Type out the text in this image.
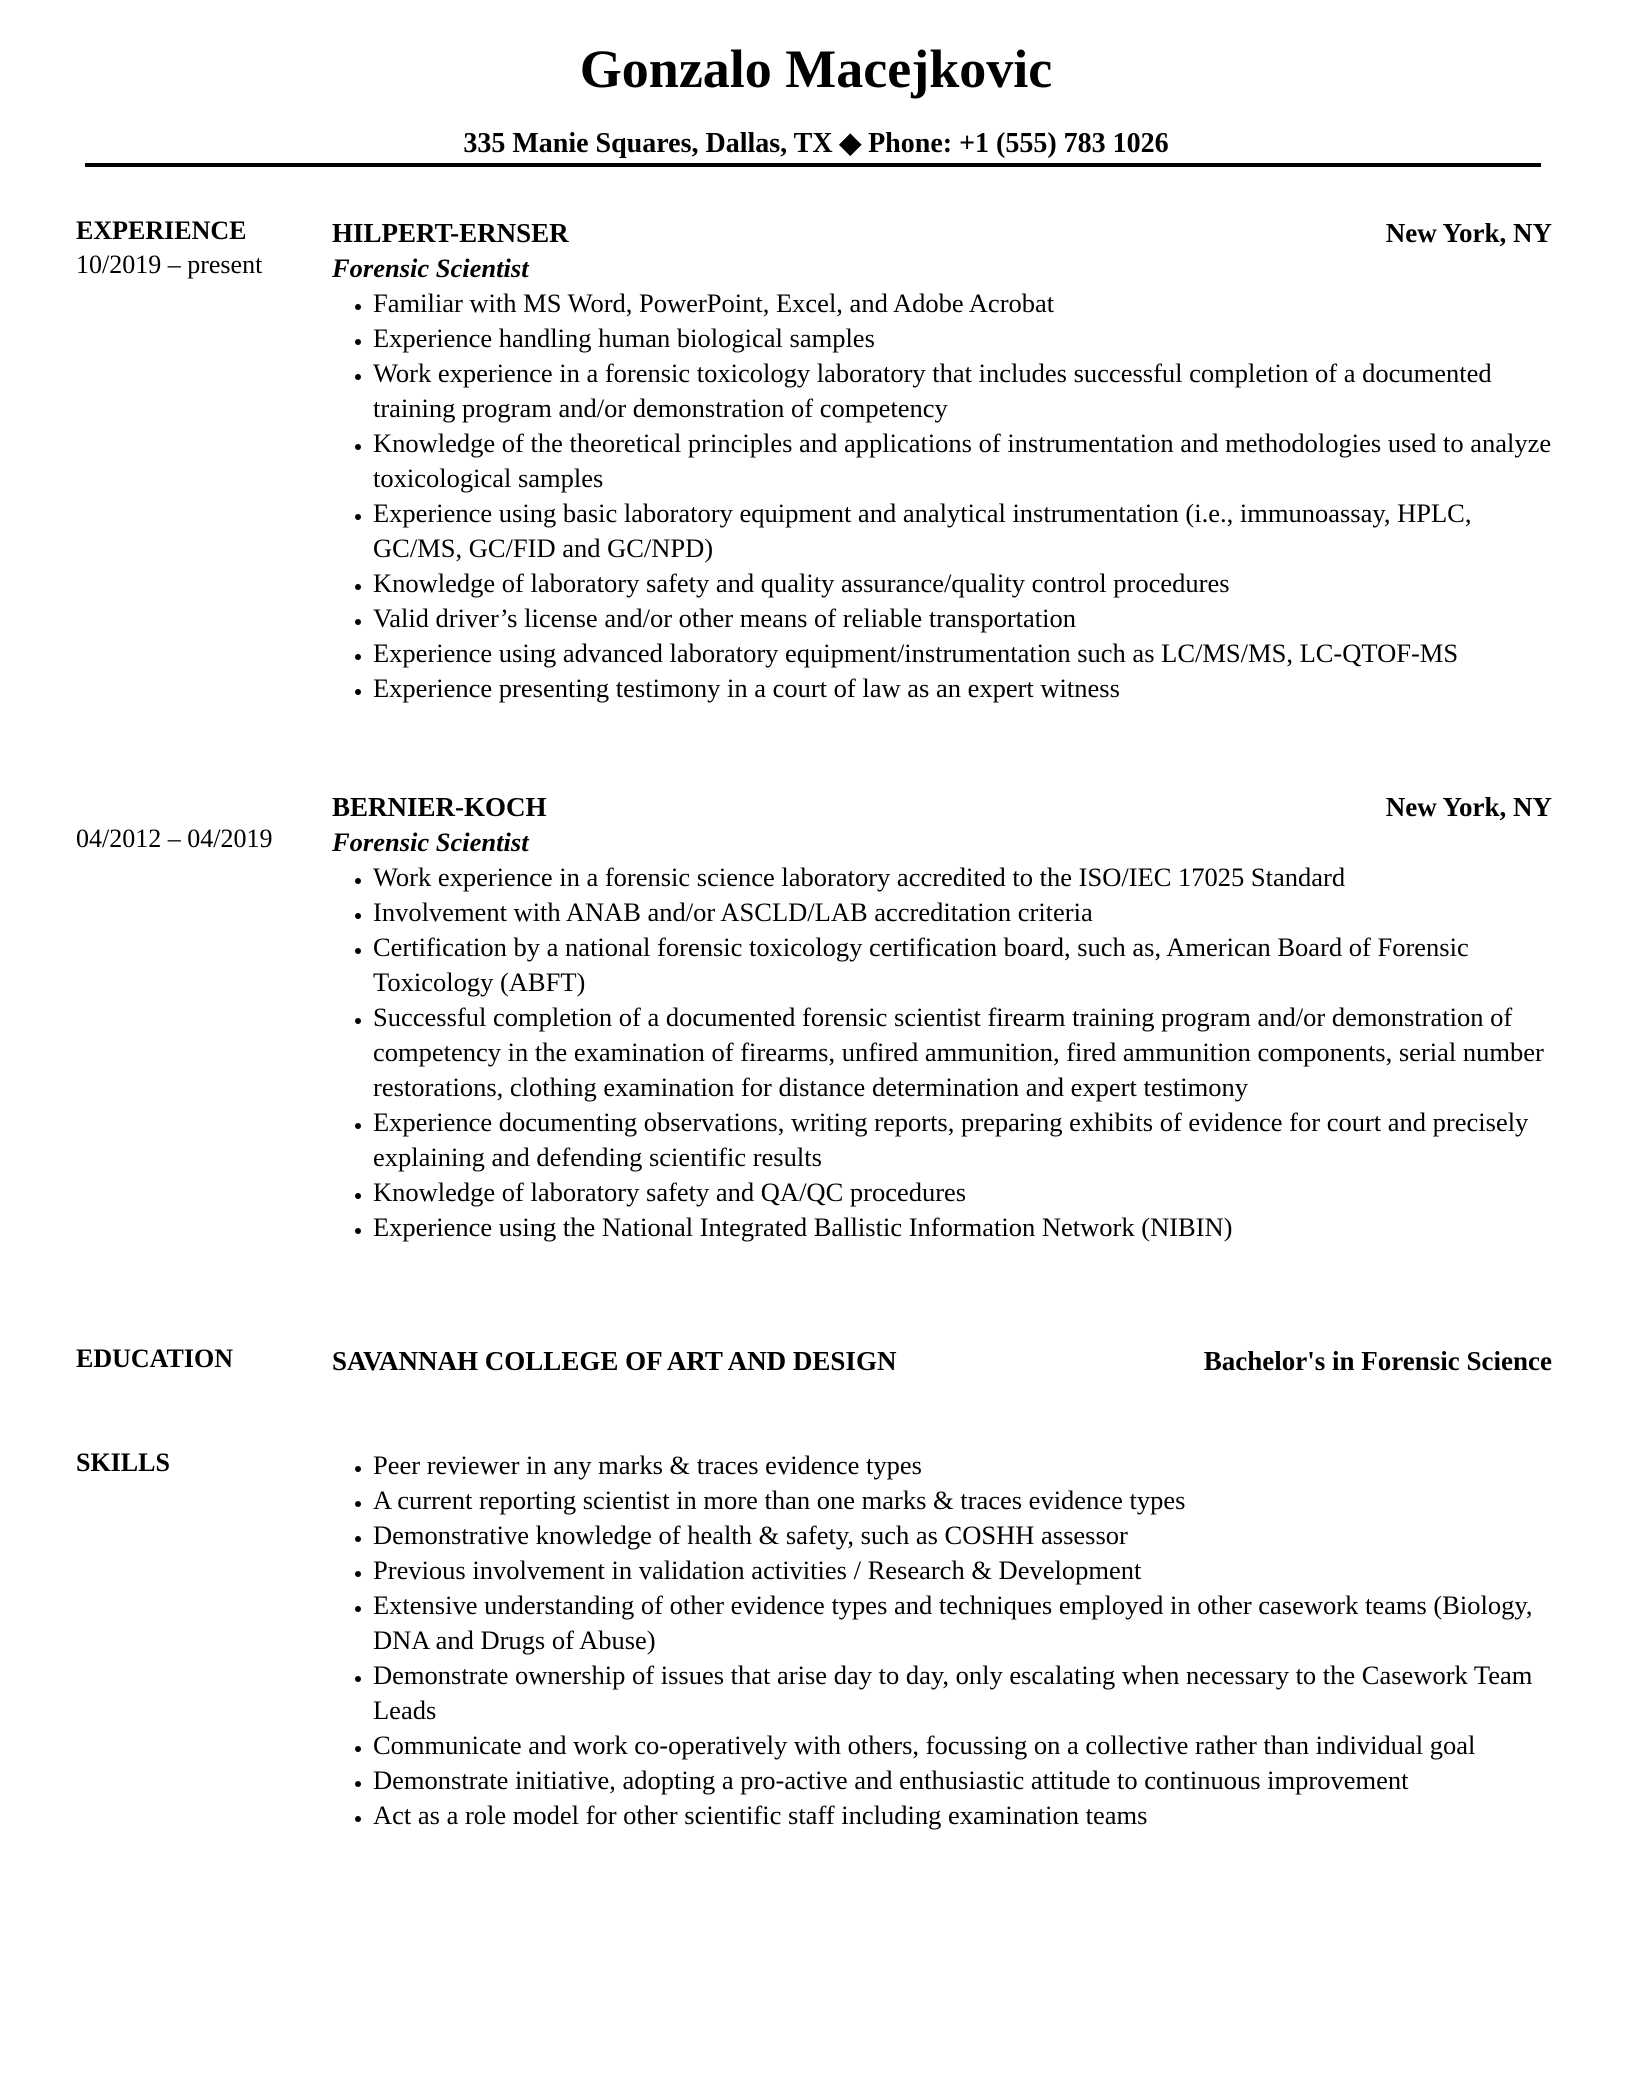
Gonzalo Macejkovic
335 Manie Squares, Dallas, TX ◆ Phone: +1 (555) 783 1026
EXPERIENCE
10/2019 – present
HILPERT-ERNSER	New York, NY
Forensic Scientist
• Familiar with MS Word, PowerPoint, Excel, and Adobe Acrobat
• Experience handling human biological samples
• Work experience in a forensic toxicology laboratory that includes successful completion of a documented training program and/or demonstration of competency
• Knowledge of the theoretical principles and applications of instrumentation and methodologies used to analyze toxicological samples
• Experience using basic laboratory equipment and analytical instrumentation (i.e., immunoassay, HPLC, GC/MS, GC/FID and GC/NPD)
• Knowledge of laboratory safety and quality assurance/quality control procedures
• Valid driver’s license and/or other means of reliable transportation
• Experience using advanced laboratory equipment/instrumentation such as LC/MS/MS, LC-QTOF-MS
• Experience presenting testimony in a court of law as an expert witness
04/2012 – 04/2019
BERNIER-KOCH	New York, NY
Forensic Scientist
• Work experience in a forensic science laboratory accredited to the ISO/IEC 17025 Standard
• Involvement with ANAB and/or ASCLD/LAB accreditation criteria
• Certification by a national forensic toxicology certification board, such as, American Board of Forensic Toxicology (ABFT)
• Successful completion of a documented forensic scientist firearm training program and/or demonstration of competency in the examination of firearms, unfired ammunition, fired ammunition components, serial number restorations, clothing examination for distance determination and expert testimony
• Experience documenting observations, writing reports, preparing exhibits of evidence for court and precisely explaining and defending scientific results
• Knowledge of laboratory safety and QA/QC procedures
• Experience using the National Integrated Ballistic Information Network (NIBIN)
EDUCATION	SAVANNAH COLLEGE OF ART AND DESIGN	Bachelor's in Forensic Science
SKILLS	• Peer reviewer in any marks & traces evidence types
• A current reporting scientist in more than one marks & traces evidence types
• Demonstrative knowledge of health & safety, such as COSHH assessor
• Previous involvement in validation activities / Research & Development
• Extensive understanding of other evidence types and techniques employed in other casework teams (Biology, DNA and Drugs of Abuse)
• Demonstrate ownership of issues that arise day to day, only escalating when necessary to the Casework Team Leads
• Communicate and work co-operatively with others, focussing on a collective rather than individual goal
• Demonstrate initiative, adopting a pro-active and enthusiastic attitude to continuous improvement
• Act as a role model for other scientific staff including examination teams
